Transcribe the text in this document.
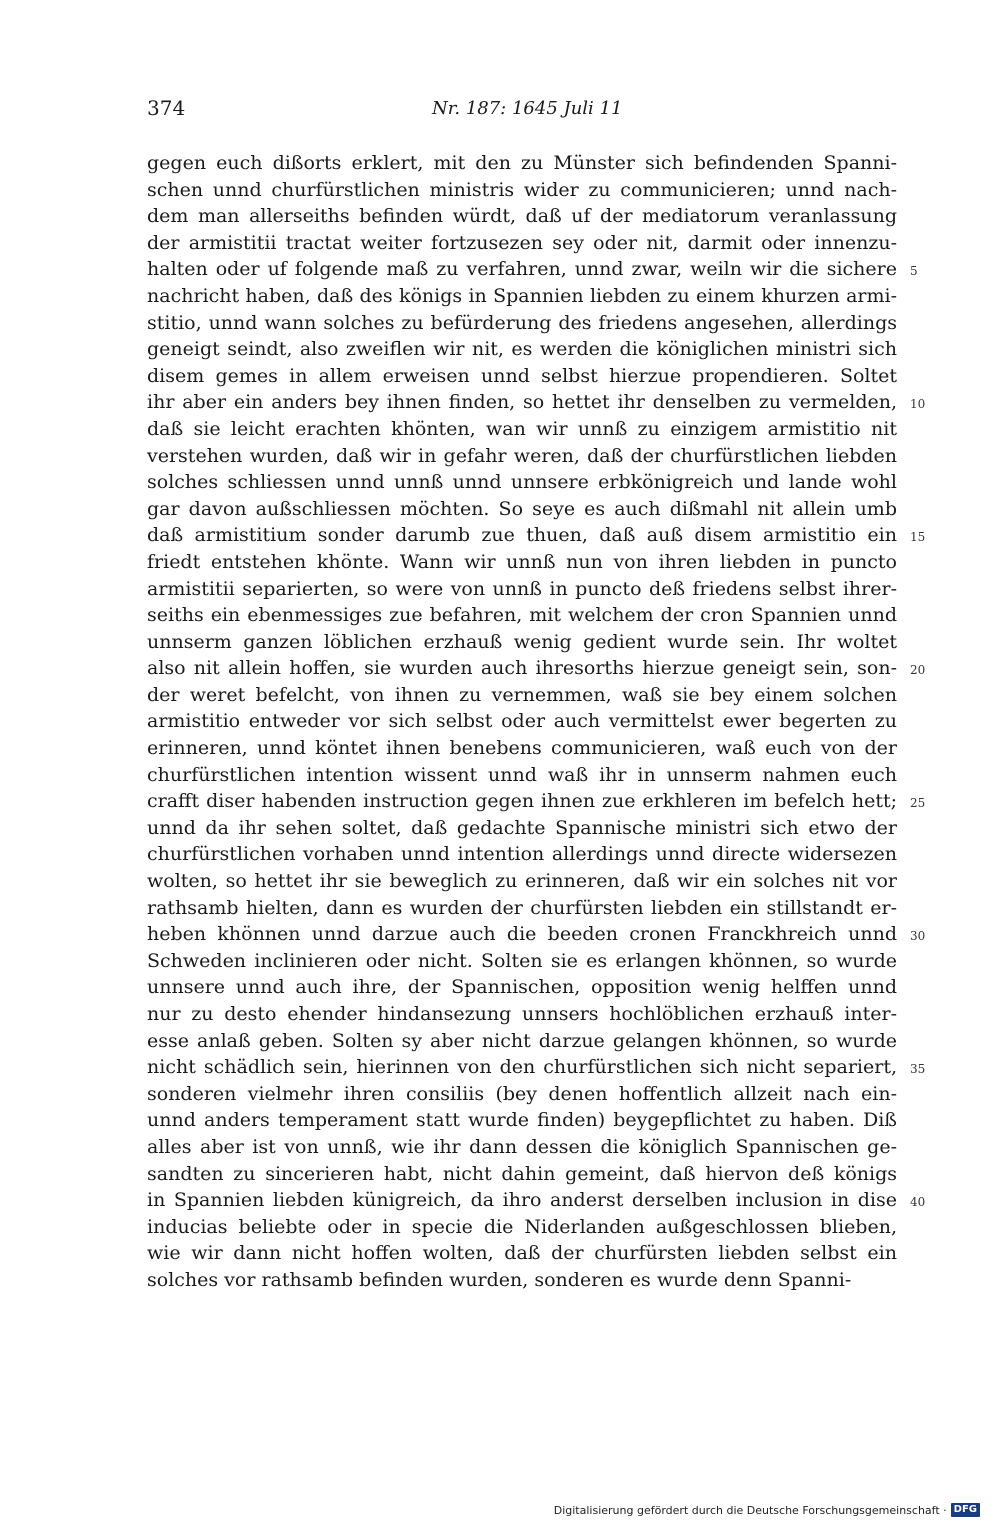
374	Nr. 187: 1645 Juli 11
gegen euch dißorts erklert, mit den zu Münster sich befindenden Spanni-
schen unnd churfürstlichen ministris wider zu communicieren; unnd nach-
dem man allerseiths befinden würdt, daß uf der mediatorum veranlassung
der armistitii tractat weiter fortzusezen sey oder nit, darmit oder innenzu-
halten oder uf folgende maß zu verfahren, unnd zwar, weiln wir die sichere
nachricht haben, daß des königs in Spannien liebden zu einem khurzen armi-
stitio, unnd wann solches zu befürderung des friedens angesehen, allerdings
geneigt seindt, also zweiflen wir nit, es werden die königlichen ministri sich
disem gemes in allem erweisen unnd selbst hierzue propendieren. Soltet
ihr aber ein anders bey ihnen finden, so hettet ihr denselben zu vermelden,
daß sie leicht erachten khönten, wan wir unnß zu einzigem armistitio nit
verstehen wurden, daß wir in gefahr weren, daß der churfürstlichen liebden
solches schliessen unnd unnß unnd unnsere erbkönigreich und lande wohl
gar davon außschliessen möchten. So seye es auch dißmahl nit allein umb
daß armistitium sonder darumb zue thuen, daß auß disem armistitio ein
friedt entstehen khönte. Wann wir unnß nun von ihren liebden in puncto
armistitii separierten, so were von unnß in puncto deß friedens selbst ihrer-
seiths ein ebenmessiges zue befahren, mit welchem der cron Spannien unnd
unnserm ganzen löblichen erzhauß wenig gedient wurde sein. Ihr woltet
also nit allein hoffen, sie wurden auch ihresorths hierzue geneigt sein, son-
der weret befelcht, von ihnen zu vernemmen, waß sie bey einem solchen
armistitio entweder vor sich selbst oder auch vermittelst ewer begerten zu
erinneren, unnd köntet ihnen benebens communicieren, waß euch von der
churfürstlichen intention wissent unnd waß ihr in unnserm nahmen euch
crafft diser habenden instruction gegen ihnen zue erkhleren im befelch hett;
unnd da ihr sehen soltet, daß gedachte Spannische ministri sich etwo der
churfürstlichen vorhaben unnd intention allerdings unnd directe widersezen
wolten, so hettet ihr sie beweglich zu erinneren, daß wir ein solches nit vor
rathsamb hielten, dann es wurden der churfürsten liebden ein stillstandt er-
heben khönnen unnd darzue auch die beeden cronen Franckhreich unnd
Schweden inclinieren oder nicht. Solten sie es erlangen khönnen, so wurde
unnsere unnd auch ihre, der Spannischen, opposition wenig helffen unnd
nur zu desto ehender hindansezung unnsers hochlöblichen erzhauß inter-
esse anlaß geben. Solten sy aber nicht darzue gelangen khönnen, so wurde
nicht schädlich sein, hierinnen von den churfürstlichen sich nicht separiert,
sonderen vielmehr ihren consiliis (bey denen hoffentlich allzeit nach ein-
unnd anders temperament statt wurde finden) beygepflichtet zu haben. Diß
alles aber ist von unnß, wie ihr dann dessen die königlich Spannischen ge-
sandten zu sincerieren habt, nicht dahin gemeint, daß hiervon deß königs
in Spannien liebden künigreich, da ihro anderst derselben inclusion in dise
inducias beliebte oder in specie die Niderlanden außgeschlossen blieben,
wie wir dann nicht hoffen wolten, daß der churfürsten liebden selbst ein
solches vor rathsamb befinden wurden, sonderen es wurde denn Spanni-
5
10
15
20
25
30
35
40
Digitalisierung gefördert durch die Deutsche Forschungsgemeinschaft · DFG
